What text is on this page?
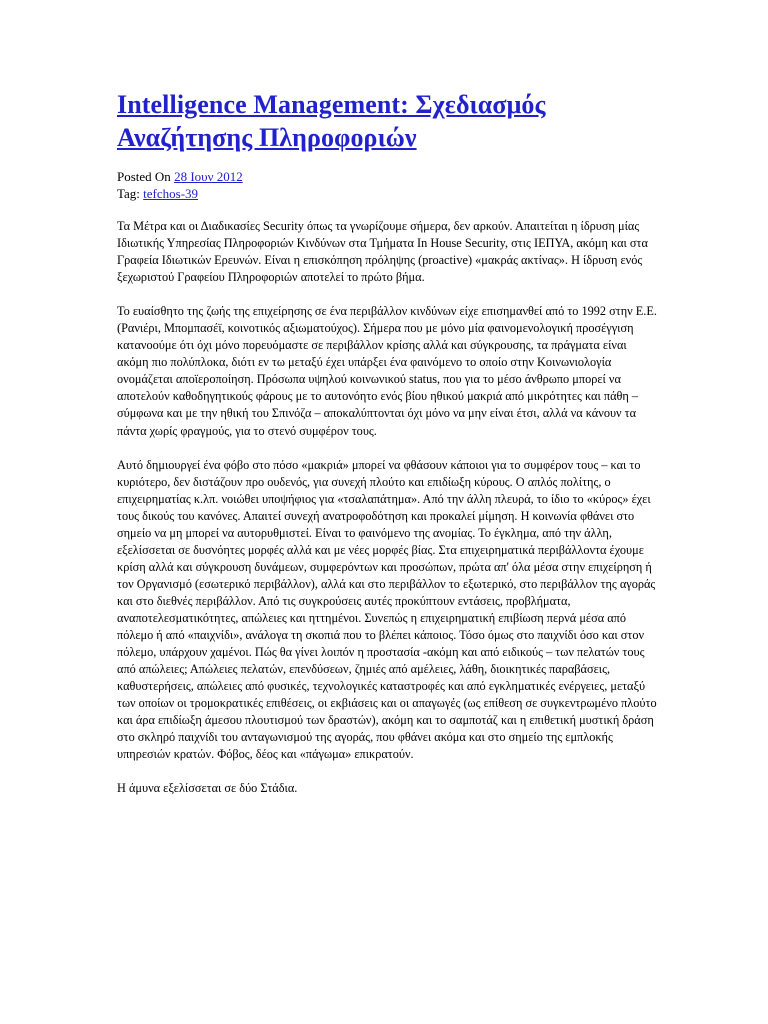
Intelligence Management: Σχεδιασμός Αναζήτησης Πληροφοριών
Posted On 28 Ιουν 2012
Tag: tefchos-39

Τα Μέτρα και οι Διαδικασίες Security όπως τα γνωρίζουμε σήμερα, δεν αρκούν. Απαιτείται η ίδρυση μίας Ιδιωτικής Υπηρεσίας Πληροφοριών Κινδύνων στα Τμήματα In House Security, στις ΙΕΠΥΑ, ακόμη και στα Γραφεία Ιδιωτικών Ερευνών. Είναι η επισκόπηση πρόληψης (proactive) «μακράς ακτίνας». Η ίδρυση ενός ξεχωριστού Γραφείου Πληροφοριών αποτελεί το πρώτο βήμα.

Το ευαίσθητο της ζωής της επιχείρησης σε ένα περιβάλλον κινδύνων είχε επισημανθεί από το 1992 στην Ε.Ε. (Ρανιέρι, Μπομπασέϊ, κοινοτικός αξιωματούχος). Σήμερα που με μόνο μία φαινομενολογική προσέγγιση κατανοούμε ότι όχι μόνο πορευόμαστε σε περιβάλλον κρίσης αλλά και σύγκρουσης, τα πράγματα είναι ακόμη πιο πολύπλοκα, διότι εν τω μεταξύ έχει υπάρξει ένα φαινόμενο το οποίο στην Κοινωνιολογία ονομάζεται αποϊεροποίηση. Πρόσωπα υψηλού κοινωνικού status, που για το μέσο άνθρωπο μπορεί να αποτελούν καθοδηγητικούς φάρους με το αυτονόητο ενός βίου ηθικού μακριά από μικρότητες και πάθη – σύμφωνα και με την ηθική του Σπινόζα – αποκαλύπτονται όχι μόνο να μην είναι έτσι, αλλά να κάνουν τα πάντα χωρίς φραγμούς, για το στενό συμφέρον τους.

Αυτό δημιουργεί ένα φόβο στο πόσο «μακριά» μπορεί να φθάσουν κάποιοι για το συμφέρον τους – και το κυριότερο, δεν διστάζουν προ ουδενός, για συνεχή πλούτο και επιδίωξη κύρους. Ο απλός πολίτης, ο επιχειρηματίας κ.λπ. νοιώθει υποψήφιος για «τσαλαπάτημα». Από την άλλη πλευρά, το ίδιο το «κύρος» έχει τους δικούς του κανόνες. Απαιτεί συνεχή ανατροφοδότηση και προκαλεί μίμηση. Η κοινωνία φθάνει στο σημείο να μη μπορεί να αυτορυθμιστεί. Είναι το φαινόμενο της ανομίας. Το έγκλημα, από την άλλη, εξελίσσεται σε δυσνόητες μορφές αλλά και με νέες μορφές βίας. Στα επιχειρηματικά περιβάλλοντα έχουμε κρίση αλλά και σύγκρουση δυνάμεων, συμφερόντων και προσώπων, πρώτα απ' όλα μέσα στην επιχείρηση ή τον Οργανισμό (εσωτερικό περιβάλλον), αλλά και στο περιβάλλον το εξωτερικό, στο περιβάλλον της αγοράς και στο διεθνές περιβάλλον. Από τις συγκρούσεις αυτές προκύπτουν εντάσεις, προβλήματα, αναποτελεσματικότητες, απώλειες και ηττημένοι. Συνεπώς η επιχειρηματική επιβίωση περνά μέσα από πόλεμο ή από «παιχνίδι», ανάλογα τη σκοπιά που το βλέπει κάποιος. Τόσο όμως στο παιχνίδι όσο και στον πόλεμο, υπάρχουν χαμένοι. Πώς θα γίνει λοιπόν η προστασία -ακόμη και από ειδικούς – των πελατών τους από απώλειες; Απώλειες πελατών, επενδύσεων, ζημιές από αμέλειες, λάθη, διοικητικές παραβάσεις, καθυστερήσεις, απώλειες από φυσικές, τεχνολογικές καταστροφές και από εγκληματικές ενέργειες, μεταξύ των οποίων οι τρομοκρατικές επιθέσεις, οι εκβιάσεις και οι απαγωγές (ως επίθεση σε συγκεντρωμένο πλούτο και άρα επιδίωξη άμεσου πλουτισμού των δραστών), ακόμη και το σαμποτάζ και η επιθετική μυστική δράση στο σκληρό παιχνίδι του ανταγωνισμού της αγοράς, που φθάνει ακόμα και στο σημείο της εμπλοκής υπηρεσιών κρατών. Φόβος, δέος και «πάγωμα» επικρατούν.

Η άμυνα εξελίσσεται σε δύο Στάδια.
